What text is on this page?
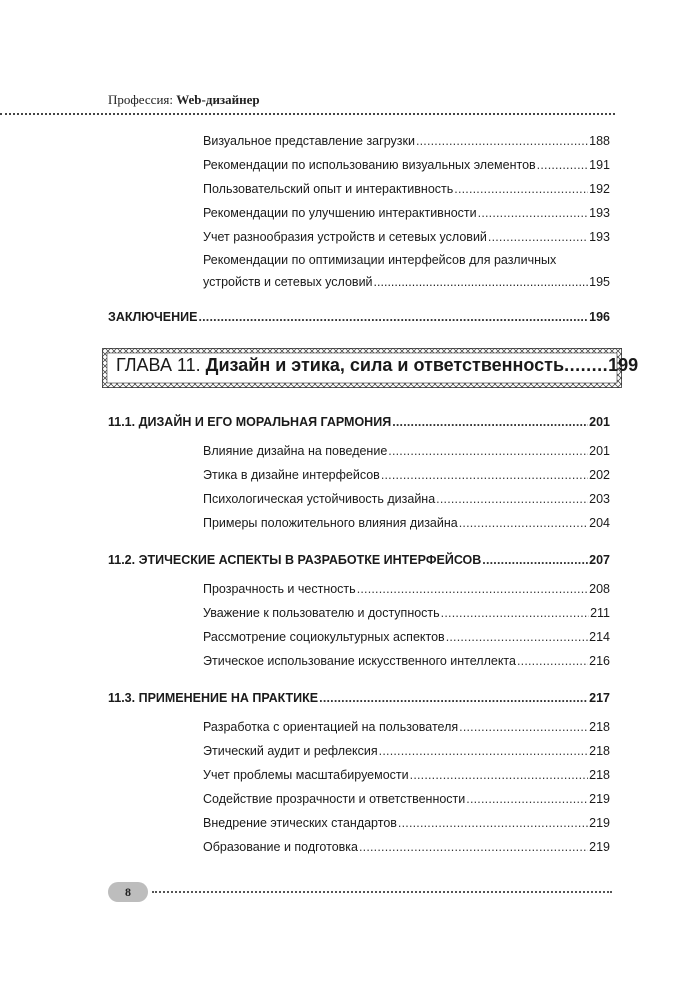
Профессия: Web-дизайнер
Визуальное представление загрузки .....	188
Рекомендации по использованию визуальных элементов .....	191
Пользовательский опыт и интерактивность .....	192
Рекомендации по улучшению интерактивности .....	193
Учет разнообразия устройств и сетевых условий .....	193
Рекомендации по оптимизации интерфейсов для различных
устройств и сетевых условий .....	195
ЗАКЛЮЧЕНИЕ .....	196
ГЛАВА 11. Дизайн и этика, сила и ответственность ........ 199
11.1. ДИЗАЙН И ЕГО МОРАЛЬНАЯ ГАРМОНИЯ .....	201
Влияние дизайна на поведение .....	201
Этика в дизайне интерфейсов .....	202
Психологическая устойчивость дизайна .....	203
Примеры положительного влияния дизайна .....	204
11.2. ЭТИЧЕСКИЕ АСПЕКТЫ В РАЗРАБОТКЕ ИНТЕРФЕЙСОВ .....	207
Прозрачность и честность .....	208
Уважение к пользователю и доступность .....	211
Рассмотрение социокультурных аспектов .....	214
Этическое использование искусственного интеллекта .....	216
11.3. ПРИМЕНЕНИЕ НА ПРАКТИКЕ .....	217
Разработка с ориентацией на пользователя .....	218
Этический аудит и рефлексия .....	218
Учет проблемы масштабируемости .....	218
Содействие прозрачности и ответственности .....	219
Внедрение этических стандартов .....	219
Образование и подготовка .....	219
8
